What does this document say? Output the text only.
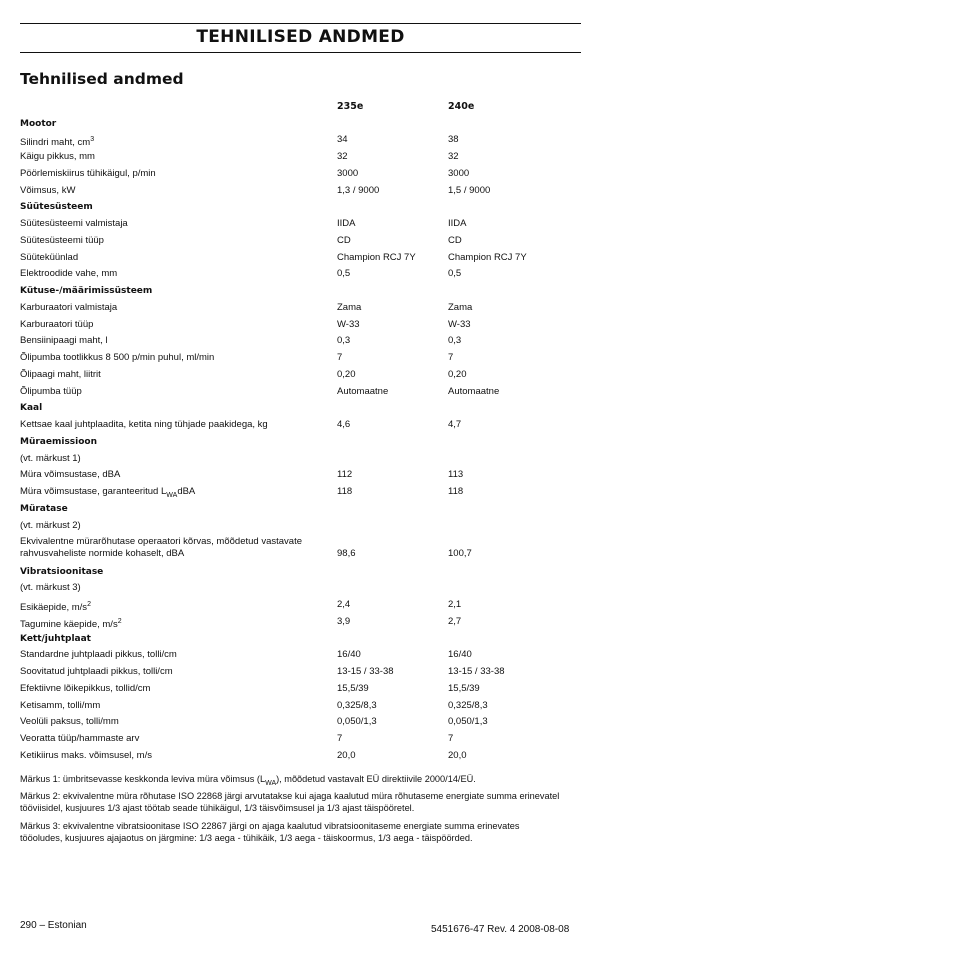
TEHNILISED ANDMED
Tehnilised andmed
235e	240e
Mootor
Silindri maht, $cm^3$	34	38
Käigu pikkus, mm	32	32
Pöörlemiskiirus tühikäigul, p/min	3000	3000
Võimsus, kW	1,3 / 9000	1,5 / 9000
Süütesüsteem
Süütesüsteemi valmistaja	IIDA	IIDA
Süütesüsteemi tüüp	CD	CD
Süüteküünlad	Champion RCJ 7Y	Champion RCJ 7Y
Elektroodide vahe, mm	0,5	0,5
Kütuse-/määrimissüsteem
Karburaatori valmistaja	Zama	Zama
Karburaatori tüüp	W-33	W-33
Bensiinipaagi maht, l	0,3	0,3
Õlipumba tootlikkus 8 500 p/min puhul, ml/min	7	7
Õlipaagi maht, liitrit	0,20	0,20
Õlipumba tüüp	Automaatne	Automaatne
Kaal
Kettsae kaal juhtplaadita, ketita ning tühjade paakidega, kg	4,6	4,7
Müraemissioon
(vt. märkust 1)
Müra võimsustase, dBA	112	113
Müra võimsustase, garanteeritud $L_{WA}dBA$	118	118
Müratase
(vt. märkust 2)
Ekvivalentne mürarõhutase operaatori kõrvas, mõõdetud vastavate
rahvusvaheliste normide kohaselt, dBA	98,6	100,7
Vibratsioonitase
(vt. märkust 3)
Esikäepide, $m/s^2$	2,4	2,1
Tagumine käepide, $m/s^2$	3,9	2,7
Kett/juhtplaat
Standardne juhtplaadi pikkus, tolli/cm	16/40	16/40
Soovitatud juhtplaadi pikkus, tolli/cm	13-15 / 33-38	13-15 / 33-38
Efektiivne lõikepikkus, tollid/cm	15,5/39	15,5/39
Ketisamm, tolli/mm	0,325/8,3	0,325/8,3
Veolüli paksus, tolli/mm	0,050/1,3	0,050/1,3
Veoratta tüüp/hammaste arv	7	7
Ketikiirus maks. võimsusel, m/s	20,0	20,0
Märkus 1: ümbritsevasse keskkonda leviva müra võimsus $(L_{WA})$, mõõdetud vastavalt EÜ direktiivile 2000/14/EÜ.
Märkus 2: ekvivalentne müra rõhutase ISO 22868 järgi arvutatakse kui ajaga kaalutud müra rõhutaseme energiate summa erinevatel
tööviisidel, kusjuures 1/3 ajast töötab seade tühikäigul, 1/3 täisvõimsusel ja 1/3 ajast täispööretel.
Märkus 3: ekvivalentne vibratsioonitase ISO 22867 järgi on ajaga kaalutud vibratsioonitaseme energiate summa erinevates
tööoludes, kusjuures ajajaotus on järgmine: 1/3 aega - tühikäik, 1/3 aega - täiskoormus, 1/3 aega - täispöörded.
290 – Estonian	5451676-47 Rev. 4 2008-08-08
